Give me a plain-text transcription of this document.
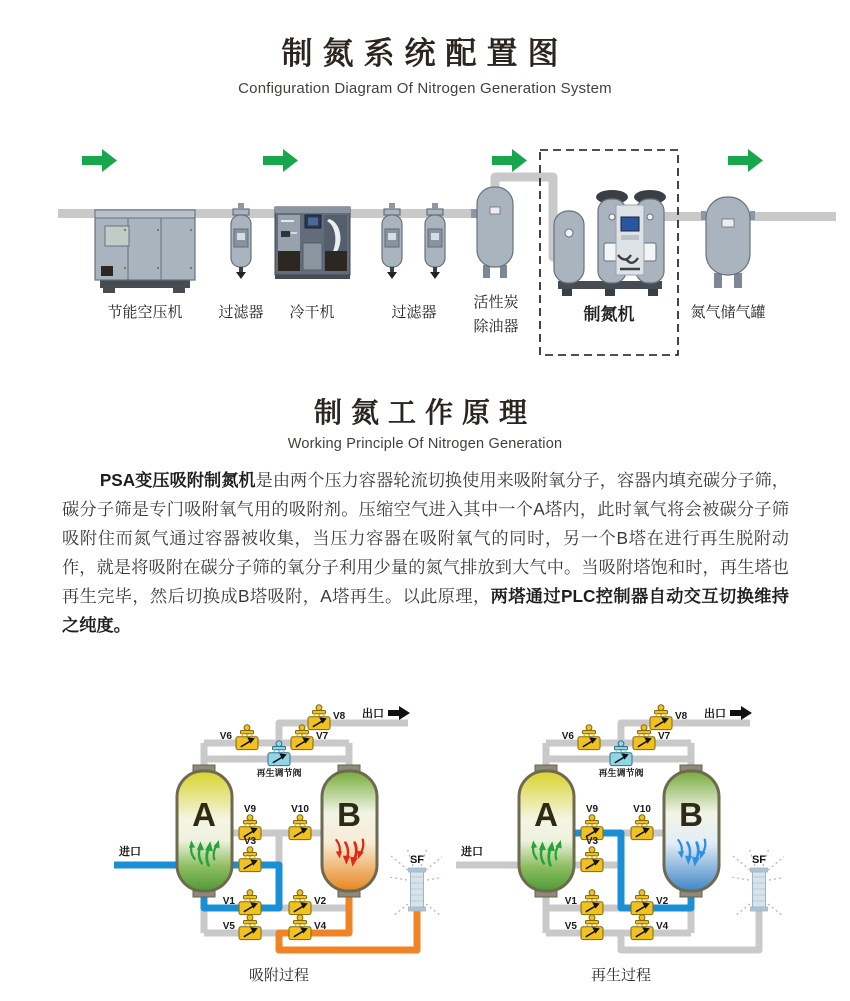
制氮系统配置图
Configuration Diagram Of Nitrogen Generation System
节能空压机 过滤器 冷干机	过滤器
活性炭
除油器
制氮机	氮气储气罐
制氮工作原理
Working Principle Of Nitrogen Generation

PSA变压吸附制氮机是由两个压力容器轮流切换使用来吸附氧分子，容器内填充碳分子筛，碳分子筛是专门吸附氧气用的吸附剂。压缩空气进入其中一个A塔内，此时氧气将会被碳分子筛吸附住而氮气通过容器被收集，当压力容器在吸附氧气的同时，另一个B塔在进行再生脱附动作，就是将吸附在碳分子筛的氧分子利用少量的氮气排放到大气中。当吸附塔饱和时，再生塔也再生完毕，然后切换成B塔吸附，A塔再生。以此原理，两塔通过PLC控制器自动交互切换维持之纯度。

A	B
V8
V6	V7
再生调节阀
V9	V10
V3
V1	V2
V5	V4
进口
出口
SF
吸附过程
A	B
V8
V6	V7
再生调节阀
V9	V10
V3
V1	V2
V5	V4
进口
出口
SF
再生过程
